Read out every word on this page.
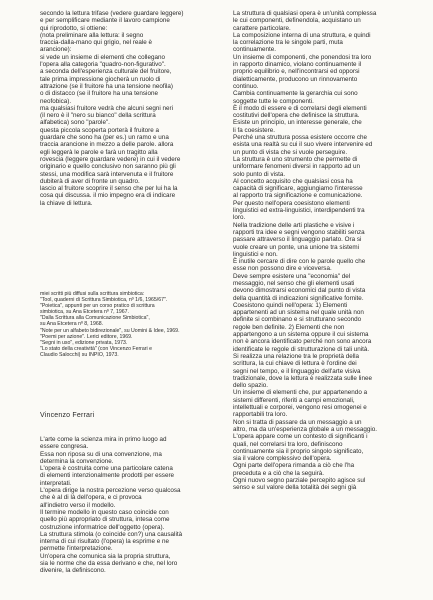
secondo la lettura trifase (vedere guardare leggere)

e per semplificare mediante il lavoro campione

qui riprodotto, si ottiene:

(nota preliminare alla lettura: il segno

traccia-dalla-mano qui grigio, nel reale è

arancione):

si vede un insieme di elementi che collegano

l'opera alla categoria "quadro-non-figurativo".

a seconda dell'esperienza culturale del fruitore,

tale prima impressione giocherà un ruolo di

attrazione (se il fruitore ha una tensione neofila)

o di distacco (se il fruitore ha una tensione

neofobica).

ma qualsiasi fruitore vedrà che alcuni segni neri

(il nero è il "nero su bianco" della scrittura

alfabetica) sono "parole".

questa piccola scoperta porterà il fruitore a

guardare che sono ha (per es.) un ramo e una

traccia arancione in mezzo a delle parole. allora

egli leggerà le parole e farà un tragitto alla

rovescia (leggere guardare vedere) in cui il vedere

originario e quello conclusivo non saranno più gli

stessi, una modifica sarà intervenuta e il fruitore

dubiterà di aver di fronte un quadro.

lascio al fruitore scoprire il senso che per lui ha la

cosa qui discussa. il mio impegno era di indicare

la chiave di lettura.

miei scritti più diffusi sulla scrittura simbiotica:

"Tool, quaderni di Scrittura Simbiotica, nº 1/6, 1965/67".

"Poietica", appunti per un corso pratico di scrittura

simbiotica, su Ana Etcetera nº 7, 1967.

"Dalla Scrittura alla Comunicazione Simbiotica",

su Ana Etcetera nº 8, 1968.

"Note per un alfabeto bidirezionale", su Uomini & Idee, 1969.

"Poemi per azione". Lerici editore, 1969.

"Segni in uso", edizione privata, 1973.

"Lo stato della creatività" (con Vincenzo Ferrari e

Claudio Salocchi) su INPIO, 1973.

Vincenzo Ferrari

L'arte come la scienza mira in primo luogo ad

essere congresa.

Essa non riposa su di una convenzione, ma

determina la convenzione.

L'opera è costruita come una particolare catena

di elementi intenzionalmente prodotti per essere

interpretati.

L'opera dirige la nostra percezione verso qualcosa

che è al di là dell'opera, e ci provoca

all'indietro verso il modello.

Il termine modello in questo caso coincide con

quello più appropriato di struttura, intesa come

costruzione informatrice dell'oggetto (opera).

La struttura stimola (o coincide con?) una causalità

interna di cui risultato (l'opera) la esprime e ne

permette l'interpretazione.

Un'opera che comunica sia la propria struttura,

sia le norme che da essa derivano e che, nel loro

divenire, la definiscono.

La struttura di qualsiasi opera è un'unità complessa

le cui componenti, definendola, acquistano un

carattere particolare.

La composizione interna di una struttura, e quindi

la correlazione tra le singole parti, muta

continuamente.

Un insieme di componenti, che ponendosi tra loro

in rapporto dinamico, violano continuamente il

proprio equilibrio e, nell'incontrarsi ed opporsi

dialetticamente, producono un rinnovamento

continuo.

Cambia continuamente la gerarchia cui sono

soggette tutte le componenti.

È il modo di essere e di correlarsi degli elementi

costitutivi dell'opera che definisce la struttura.

Esiste un principio, un interesse generale, che

li fa coesistere.

Perché una struttura possa esistere occorre che

esista una realtà su cui il suo vivere intervenire ed

un punto di vista che si vuole perseguire.

La struttura è uno strumento che permette di

uniformare fenomeni diversi in rapporto ad un

solo punto di vista.

Al concetto acquisito che qualsiasi cosa ha

capacità di significare, aggiungiamo l'interesse

al rapporto tra significazione e comunicazione.

Per questo nell'opera coesistono elementi

linguistici ed extra-linguistici, interdipendenti tra

loro.

Nella tradizione delle arti plastiche e visive i

rapporti tra idee e segni vengono stabiliti senza

passare attraverso il linguaggio parlato. Ora si

vuole creare un ponte, una unione tra sistemi

linguistici e non.

È inutile cercare di dire con le parole quello che

esse non possono dire e viceversa.

Deve sempre esistere una "economia" del

messaggio, nel senso che gli elementi usati

devono dimostrarsi economici dal punto di vista

della quantità di indicazioni significative fornite.

Coesistono quindi nell'opera: 1) Elementi

appartenenti ad un sistema nel quale unità non

definite si combinano e si strutturano secondo

regole ben definite. 2) Elementi che non

appartengono a un sistema oppure il cui sistema

non è ancora identificato perché non sono ancora

identificate le regole di strutturazione di tali unità.

Si realizza una relazione tra le proprietà della

scrittura, la cui chiave di lettura è l'ordine dei

segni nel tempo, e il linguaggio dell'arte visiva

tradizionale, dove la lettura è realizzata sulle linee

dello spazio.

Un insieme di elementi che, pur appartenendo a

sistemi differenti, riferiti a campi emozionali,

intellettuali e corporei, vengono resi omogenei e

rapportabili tra loro.

Non si tratta di passare da un messaggio a un

altro, ma da un'esperienza globale a un messaggio.

L'opera appare come un contesto di significanti i

quali, nel correlarsi tra loro, definiscono

continuamente sia il proprio singolo significato,

sia il valore complessivo dell'opera.

Ogni parte dell'opera rimanda a ciò che l'ha

preceduta e a ciò che la seguirà.

Ogni nuovo segno parziale percepito agisce sul

senso e sul valore della totalità dei segni già
